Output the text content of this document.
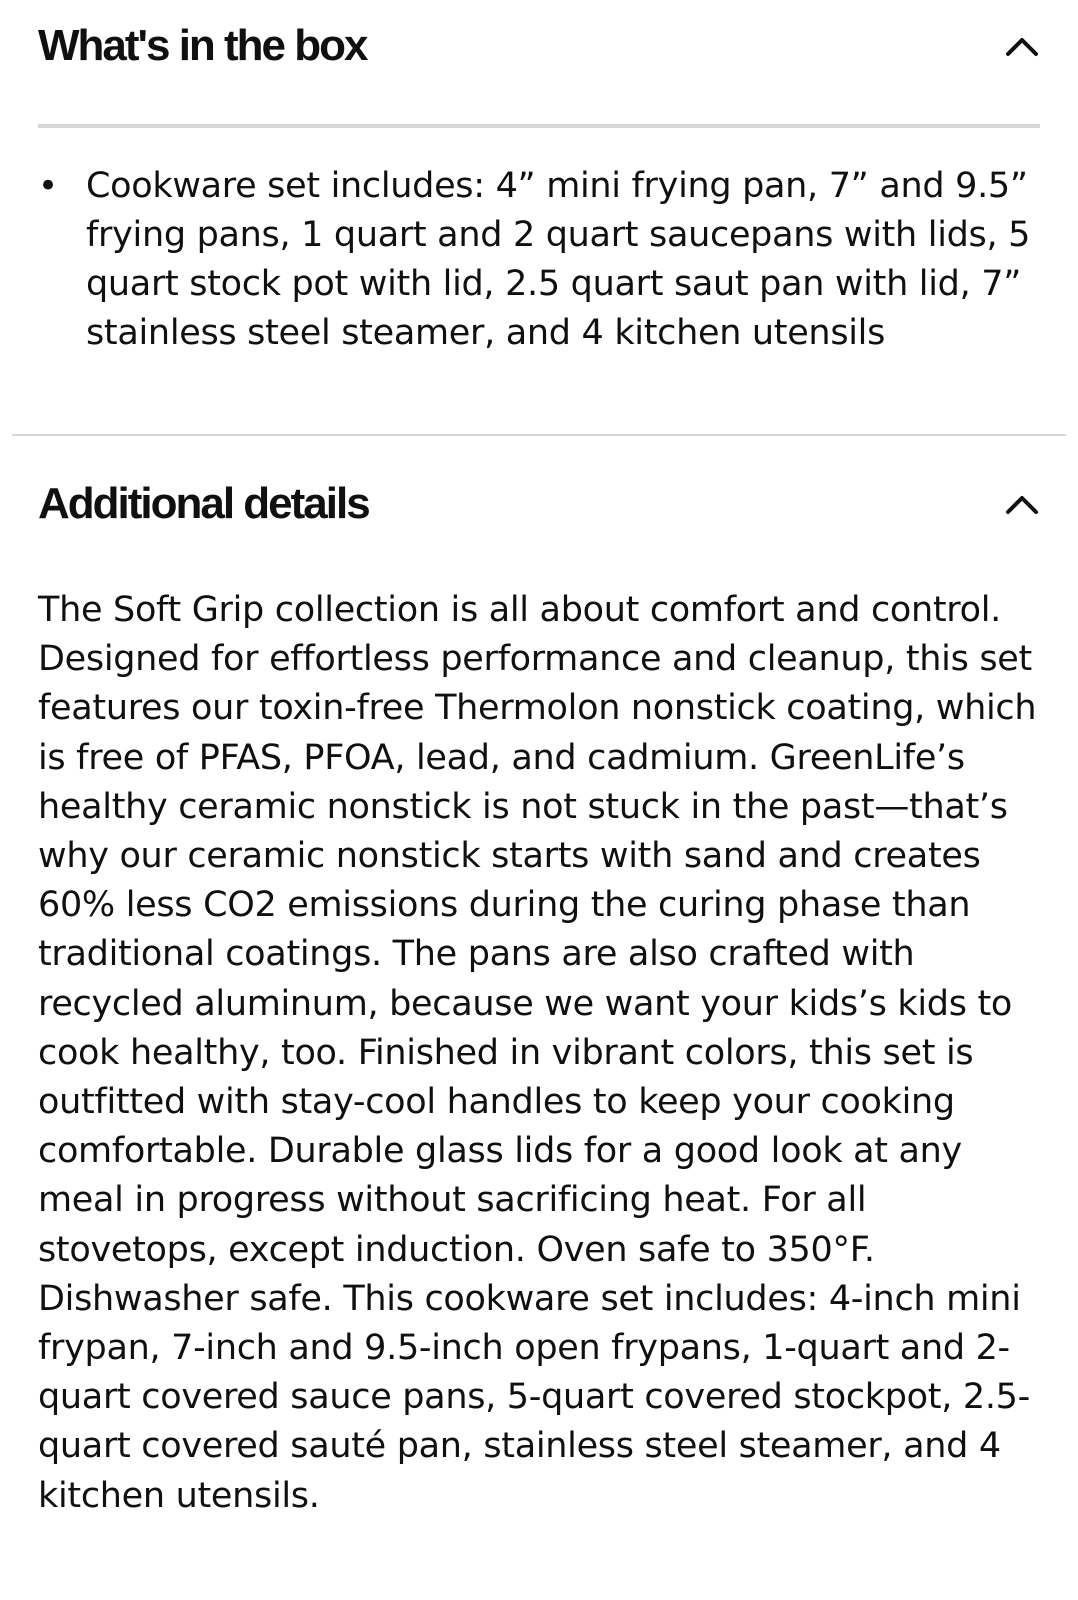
What's in the box
• Cookware set includes: 4” mini frying pan, 7” and 9.5” frying pans, 1 quart and 2 quart saucepans with lids, 5 quart stock pot with lid, 2.5 quart saut pan with lid, 7” stainless steel steamer, and 4 kitchen utensils
Additional details

The Soft Grip collection is all about comfort and control. Designed for effortless performance and cleanup, this set features our toxin-free Thermolon nonstick coating, which is free of PFAS, PFOA, lead, and cadmium. GreenLife’s healthy ceramic nonstick is not stuck in the past—that’s why our ceramic nonstick starts with sand and creates 60% less CO2 emissions during the curing phase than traditional coatings. The pans are also crafted with recycled aluminum, because we want your kids’s kids to cook healthy, too. Finished in vibrant colors, this set is outfitted with stay-cool handles to keep your cooking comfortable. Durable glass lids for a good look at any meal in progress without sacrificing heat. For all stovetops, except induction. Oven safe to 350°F. Dishwasher safe. This cookware set includes: 4-inch mini frypan, 7-inch and 9.5-inch open frypans, 1-quart and 2-quart covered sauce pans, 5-quart covered stockpot, 2.5-quart covered sauté pan, stainless steel steamer, and 4 kitchen utensils.
